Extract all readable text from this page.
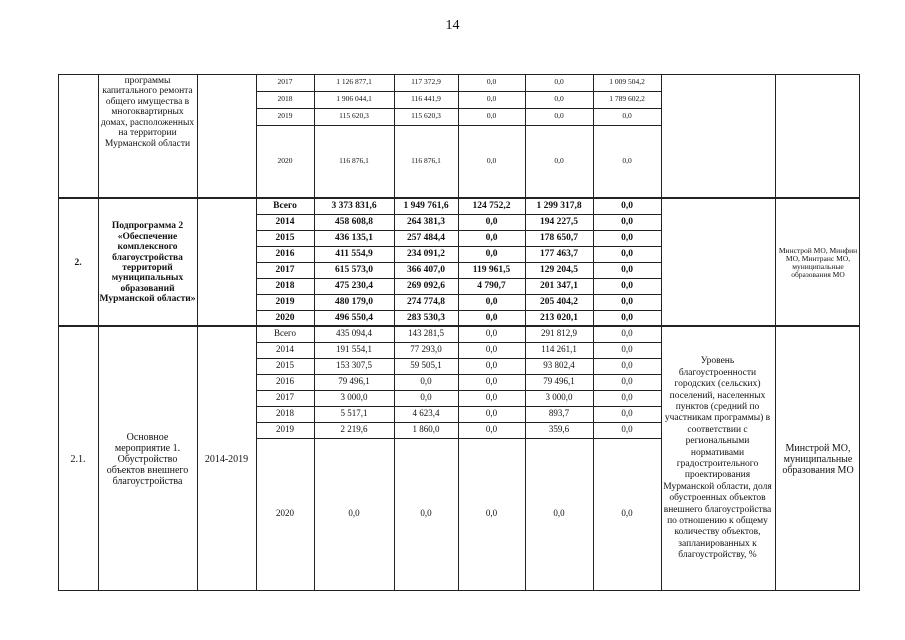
14
программы капитального ремонта общего имущества в многоквартирных домах, расположенных на территории Мурманской области
2.
Подпрограмма 2 «Обеспечение комплексного благоустройства территорий муниципальных образований Мурманской области»
Минстрой МО, Минфин МО, Минтранс МО, муниципальные образования МО
2.1.
Основное мероприятие 1. Обустройство объектов внешнего благоустройства
2014-2019
Уровень благоустроенности городских (сельских) поселений, населенных пунктов (средний по участникам программы) в соответствии с региональными нормативами градостроительного проектирования Мурманской области, доля обустроенных объектов внешнего благоустройства по отношению к общему количеству объектов, запланированных к благоустройству, %
Минстрой МО, муниципальные образования МО
2017	1 126 877,1	117 372,9	0,0	0,0	1 009 504,2
2018	1 906 044,1	116 441,9	0,0	0,0	1 789 602,2
2019	115 620,3	115 620,3	0,0	0,0	0,0
2020	116 876,1	116 876,1	0,0	0,0	0,0
Всего	3 373 831,6	1 949 761,6	124 752,2	1 299 317,8	0,0
2014	458 608,8	264 381,3	0,0	194 227,5	0,0
2015	436 135,1	257 484,4	0,0	178 650,7	0,0
2016	411 554,9	234 091,2	0,0	177 463,7	0,0
2017	615 573,0	366 407,0	119 961,5	129 204,5	0,0
2018	475 230,4	269 092,6	4 790,7	201 347,1	0,0
2019	480 179,0	274 774,8	0,0	205 404,2	0,0
2020	496 550,4	283 530,3	0,0	213 020,1	0,0
Всего	435 094,4	143 281,5	0,0	291 812,9	0,0
2014	191 554,1	77 293,0	0,0	114 261,1	0,0
2015	153 307,5	59 505,1	0,0	93 802,4	0,0
2016	79 496,1	0,0	0,0	79 496,1	0,0
2017	3 000,0	0,0	0,0	3 000,0	0,0
2018	5 517,1	4 623,4	0,0	893,7	0,0
2019	2 219,6	1 860,0	0,0	359,6	0,0
2020	0,0	0,0	0,0	0,0	0,0
